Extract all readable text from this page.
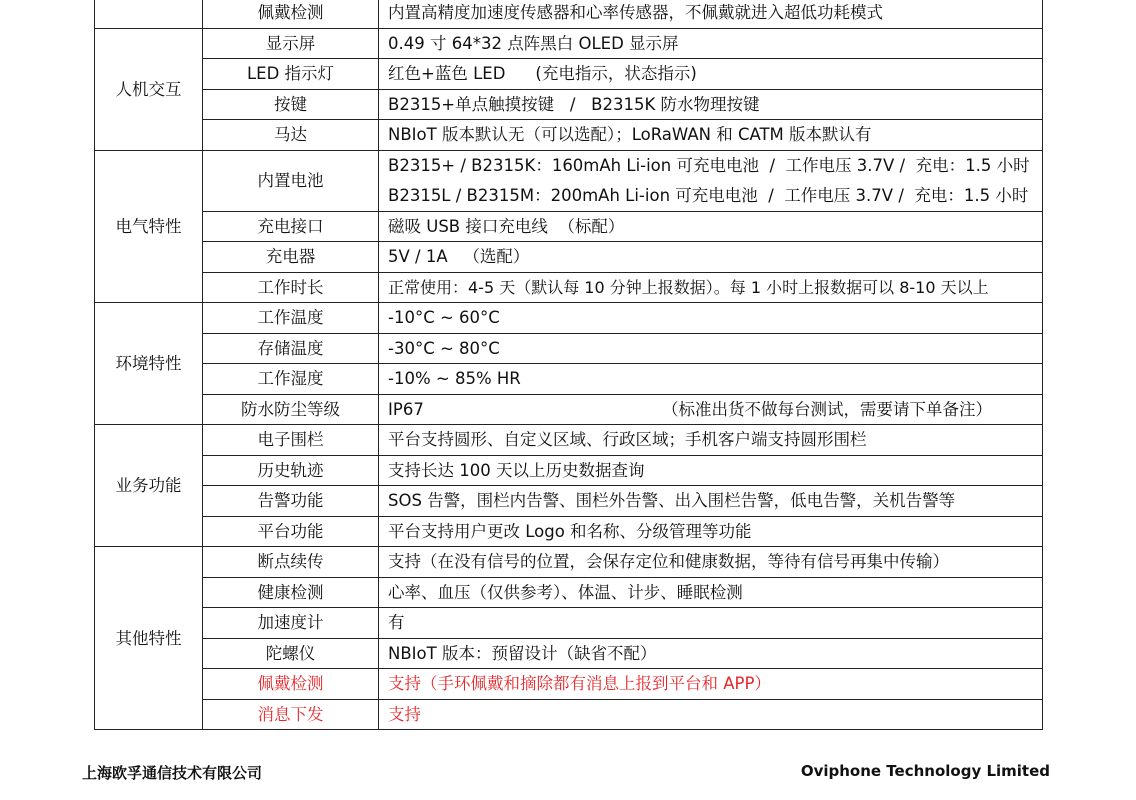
	佩戴检测	内置高精度加速度传感器和心率传感器，不佩戴就进入超低功耗模式
人机交互	显示屏	0.49 寸 64*32 点阵黑白 OLED 显示屏
	LED 指示灯	红色+蓝色 LED (充电指示，状态指示)
	按键	B2315+单点触摸按键   /   B2315K 防水物理按键
	马达	NBIoT 版本默认无（可以选配）；LoRaWAN 和 CATM 版本默认有
电气特性	内置电池	B2315+ / B2315K：160mAh Li-ion 可充电电池  /  工作电压 3.7V /  充电：1.5 小时
B2315L / B2315M：200mAh Li-ion 可充电电池  /  工作电压 3.7V /  充电：1.5 小时

	充电接口	磁吸 USB 接口充电线  （标配）
	充电器	5V / 1A   （选配）
	工作时长	正常使用：4-5 天（默认每 10 分钟上报数据）。每 1 小时上报数据可以 8-10 天以上
环境特性	工作温度	-10°C ~ 60°C
	存储温度	-30°C ~ 80°C
	工作湿度	-10% ~ 85% HR
	防水防尘等级	IP67 （标准出货不做每台测试，需要请下单备注）

业务功能	电子围栏	平台支持圆形、自定义区域、行政区域；手机客户端支持圆形围栏
	历史轨迹	支持长达 100 天以上历史数据查询
	告警功能	SOS 告警，围栏内告警、围栏外告警、出入围栏告警，低电告警，关机告警等
	平台功能	平台支持用户更改 Logo 和名称、分级管理等功能
其他特性	断点续传	支持（在没有信号的位置，会保存定位和健康数据，等待有信号再集中传输）
	健康检测	心率、血压（仅供参考）、体温、计步、睡眠检测
	加速度计	有
	陀螺仪	NBIoT 版本：预留设计（缺省不配）
	佩戴检测	支持（手环佩戴和摘除都有消息上报到平台和 APP）
	消息下发	支持
上海欧孚通信技术有限公司	Oviphone Technology Limited
